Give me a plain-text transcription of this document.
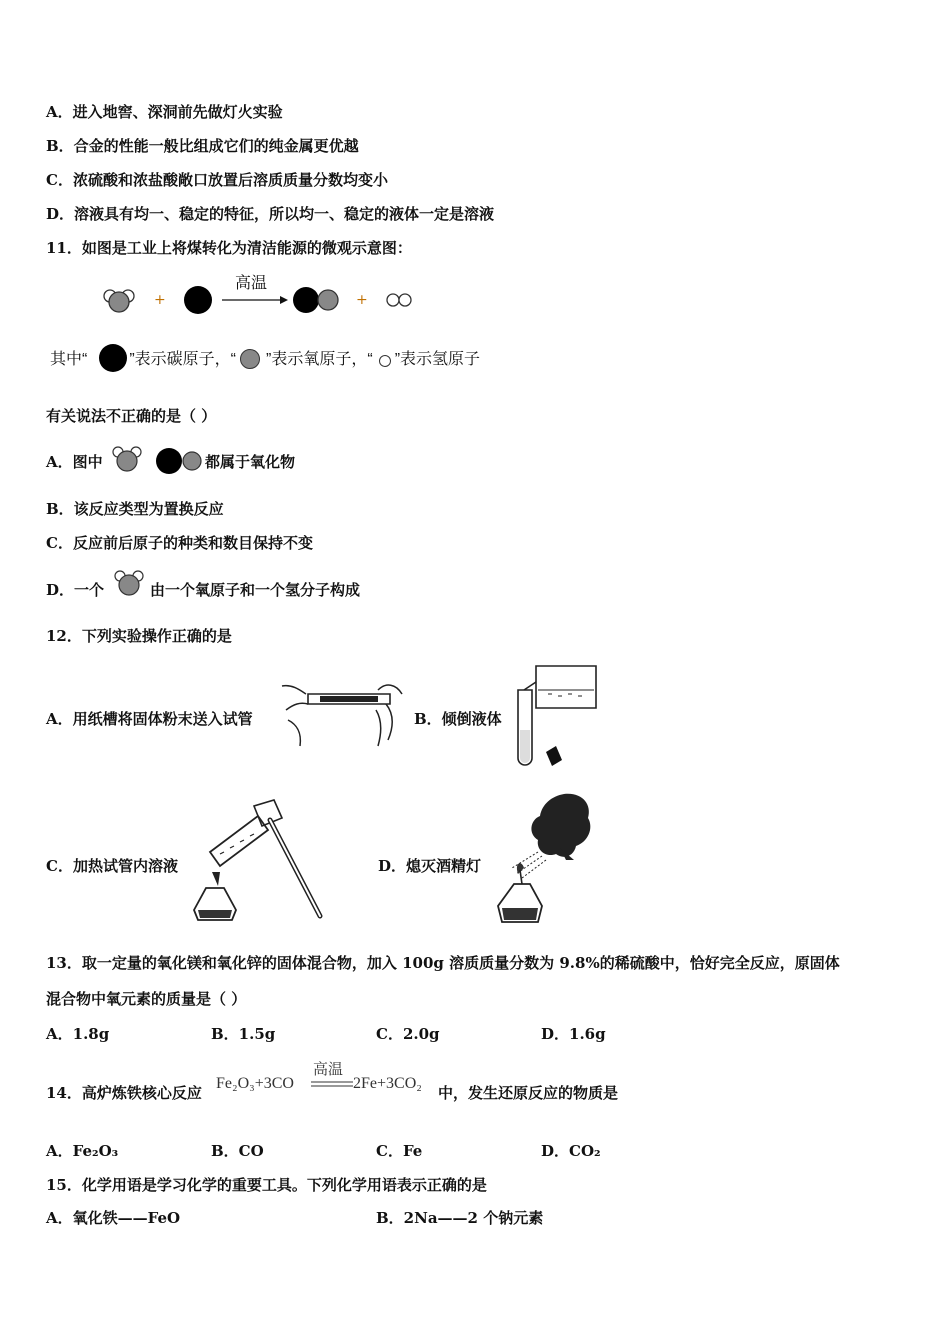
A．进入地窖、深洞前先做灯火实验
B．合金的性能一般比组成它们的纯金属更优越
C．浓硫酸和浓盐酸敞口放置后溶质质量分数均变小
D．溶液具有均一、稳定的特征，所以均一、稳定的液体一定是溶液
11．如图是工业上将煤转化为清洁能源的微观示意图：
+
高温
+
其中“	”表示碳原子，“ ”表示氧原子，“ ”表示氢原子
有关说法不正确的是（ ）
A．图中	都属于氧化物
B．该反应类型为置换反应
C．反应前后原子的种类和数目保持不变
D．一个	由一个氧原子和一个氢分子构成
12．下列实验操作正确的是
A．用纸槽将固体粉末送入试管	B．倾倒液体
C．加热试管内溶液	D．熄灭酒精灯
13．取一定量的氧化镁和氧化锌的固体混合物，加入 100g 溶质质量分数为 9.8%的稀硫酸中，恰好完全反应，原固体
混合物中氧元素的质量是（ ）
A．1.8g	B．1.5g	C．2.0g	D．1.6g
14．高炉炼铁核心反应
Fe₂O₃+3CO
高温
2Fe+3CO₂
中，发生还原反应的物质是
A．Fe₂O₃	B．CO	C．Fe	D．CO₂
15．化学用语是学习化学的重要工具。下列化学用语表示正确的是
A．氧化铁——FeO	B．2Na——2 个钠元素
